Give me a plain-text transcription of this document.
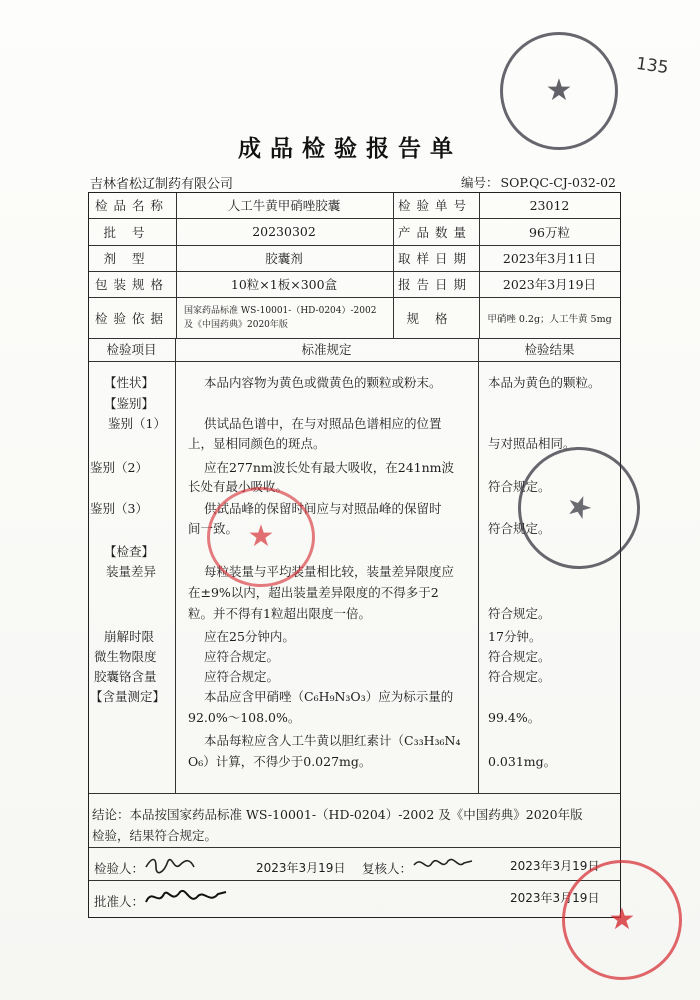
135
成品检验报告单
吉林省松辽制药有限公司	编号： SOP.QC-CJ-032-02
检品名称	人工牛黄甲硝唑胶囊	检验单号	23012
批号	20230302	产品数量	96万粒
剂型	胶囊剂	取样日期	2023年3月11日
包装规格	10粒×1板×300盒	报告日期	2023年3月19日
检验依据	国家药品标准 WS-10001-（HD-0204）-2002
及《中国药典》2020年版	规格	甲硝唑 0.2g；人工牛黄 5mg
检验项目	标准规定	检验结果
【性状】	本品内容物为黄色或微黄色的颗粒或粉末。	本品为黄色的颗粒。
【鉴别】
鉴别（1）	供试品色谱中，在与对照品色谱相应的位置
上，显相同颜色的斑点。	与对照品相同。
鉴别（2）	应在277nm波长处有最大吸收，在241nm波
长处有最小吸收。	符合规定。
鉴别（3）	供试品峰的保留时间应与对照品峰的保留时
间一致。	符合规定。
【检查】
装量差异	每粒装量与平均装量相比较，装量差异限度应
在±9%以内，超出装量差异限度的不得多于2
粒。并不得有1粒超出限度一倍。	符合规定。
崩解时限	应在25分钟内。	17分钟。
微生物限度	应符合规定。	符合规定。
胶囊铬含量	应符合规定。	符合规定。
【含量测定】	本品应含甲硝唑（C₆H₉N₃O₃）应为标示量的
92.0%～108.0%。	99.4%。
本品每粒应含人工牛黄以胆红素计（C₃₃H₃₆N₄
O₆）计算，不得少于0.027mg。	0.031mg。
结论：本品按国家药品标准 WS-10001-（HD-0204）-2002 及《中国药典》2020年版
检验，结果符合规定。
检验人：	2023年3月19日 复核人：	2023年3月19日
批准人：	2023年3月19日
★
★
★
★
